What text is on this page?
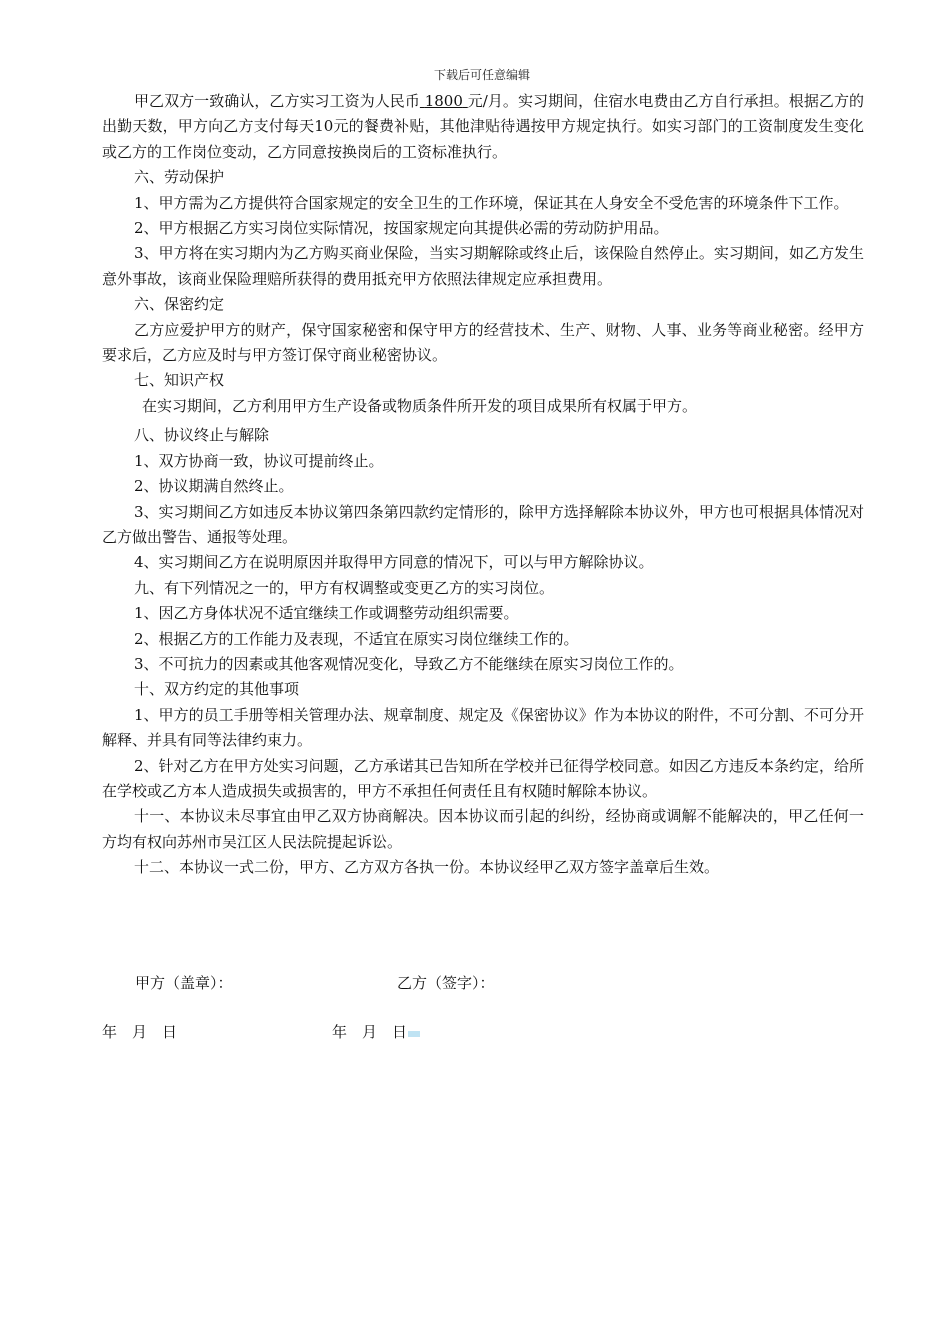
下载后可任意编辑

甲乙双方一致确认，乙方实习工资为人民币 1800 元/月。实习期间，住宿水电费由乙方自行承担。根据乙方的出勤天数，甲方向乙方支付每天10元的餐费补贴，其他津贴待遇按甲方规定执行。如实习部门的工资制度发生变化或乙方的工作岗位变动，乙方同意按换岗后的工资标准执行。

六、劳动保护

1、甲方需为乙方提供符合国家规定的安全卫生的工作环境，保证其在人身安全不受危害的环境条件下工作。

2、甲方根据乙方实习岗位实际情况，按国家规定向其提供必需的劳动防护用品。

3、甲方将在实习期内为乙方购买商业保险，当实习期解除或终止后，该保险自然停止。实习期间，如乙方发生意外事故，该商业保险理赔所获得的费用抵充甲方依照法律规定应承担费用。

六、保密约定

乙方应爱护甲方的财产，保守国家秘密和保守甲方的经营技术、生产、财物、人事、业务等商业秘密。经甲方要求后，乙方应及时与甲方签订保守商业秘密协议。

七、知识产权

在实习期间，乙方利用甲方生产设备或物质条件所开发的项目成果所有权属于甲方。

八、协议终止与解除

1、双方协商一致，协议可提前终止。

2、协议期满自然终止。

3、实习期间乙方如违反本协议第四条第四款约定情形的，除甲方选择解除本协议外，甲方也可根据具体情况对乙方做出警告、通报等处理。

4、实习期间乙方在说明原因并取得甲方同意的情况下，可以与甲方解除协议。

九、有下列情况之一的，甲方有权调整或变更乙方的实习岗位。

1、因乙方身体状况不适宜继续工作或调整劳动组织需要。

2、根据乙方的工作能力及表现，不适宜在原实习岗位继续工作的。

3、不可抗力的因素或其他客观情况变化，导致乙方不能继续在原实习岗位工作的。

十、双方约定的其他事项

1、甲方的员工手册等相关管理办法、规章制度、规定及《保密协议》作为本协议的附件，不可分割、不可分开解释、并具有同等法律约束力。

2、针对乙方在甲方处实习问题，乙方承诺其已告知所在学校并已征得学校同意。如因乙方违反本条约定，给所在学校或乙方本人造成损失或损害的，甲方不承担任何责任且有权随时解除本协议。

十一、本协议未尽事宜由甲乙双方协商解决。因本协议而引起的纠纷，经协商或调解不能解决的，甲乙任何一方均有权向苏州市吴江区人民法院提起诉讼。

十二、本协议一式二份，甲方、乙方双方各执一份。本协议经甲乙双方签字盖章后生效。

甲方（盖章）：

	乙方（签字）：

年　月　日

	年　月　日
